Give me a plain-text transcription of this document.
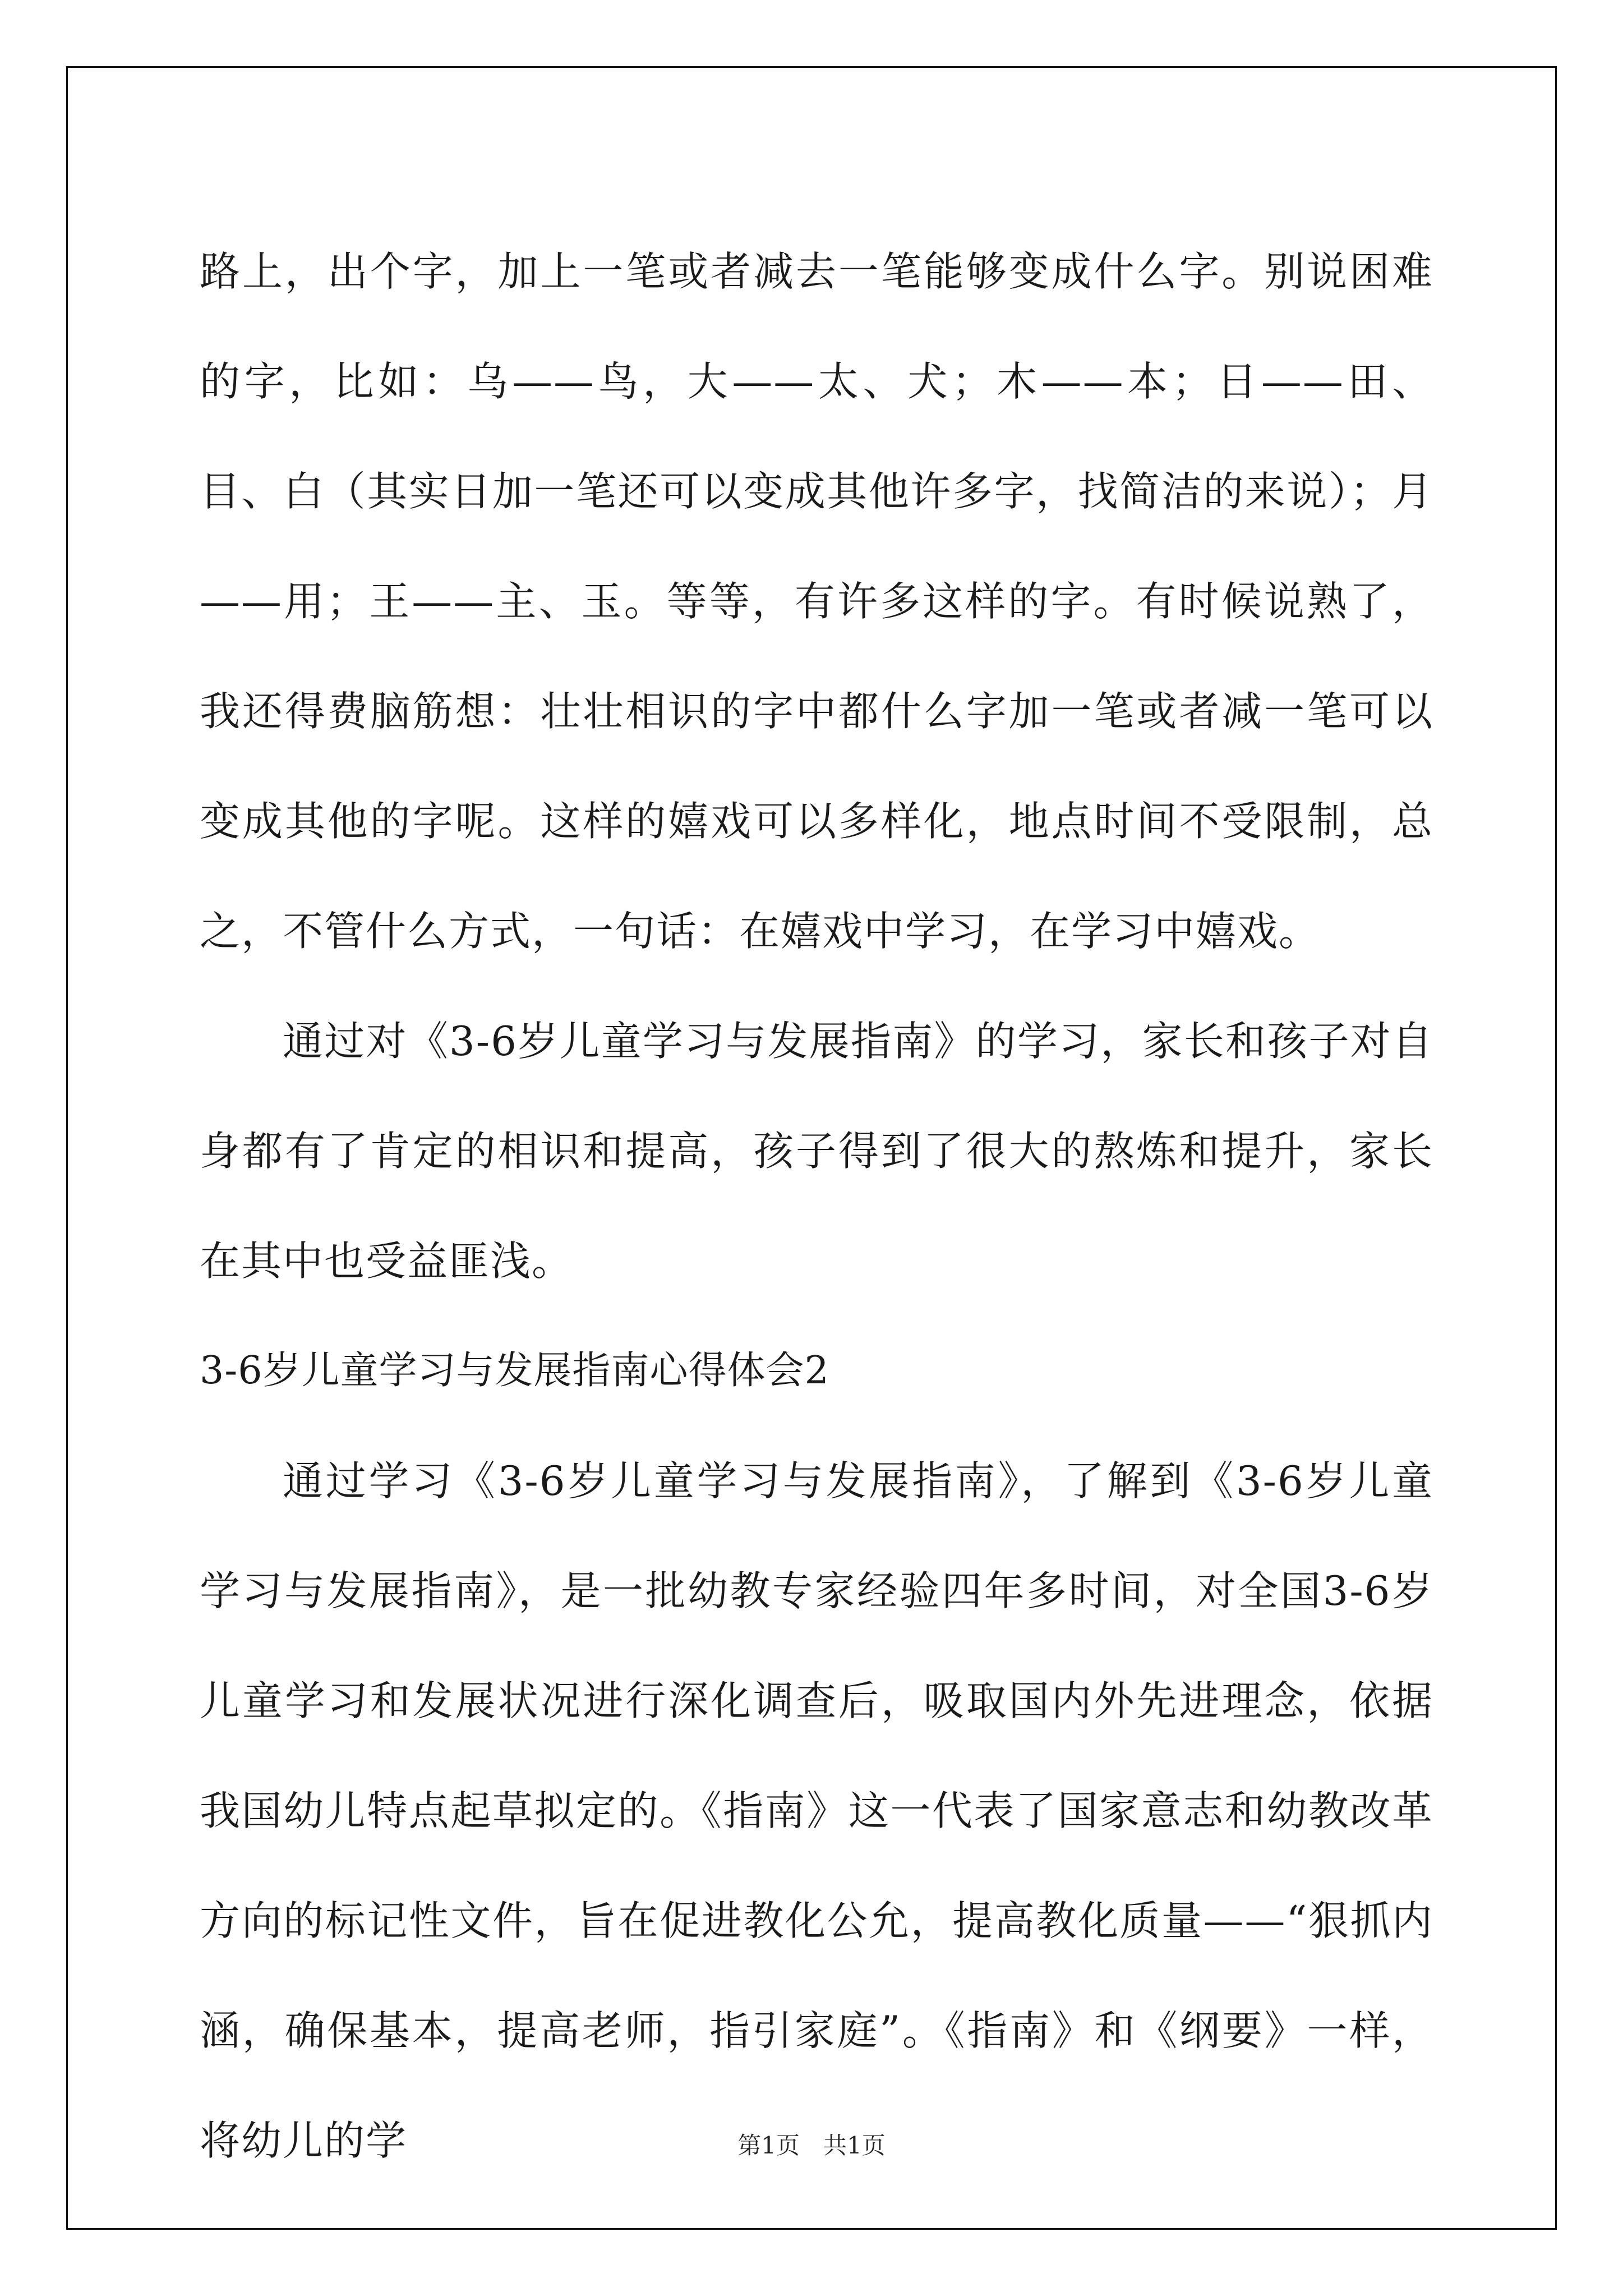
路上，出个字，加上一笔或者减去一笔能够变成什么字。别说困难的字，比如：乌——鸟，大——太、犬；木——本；日——田、目、白（其实日加一笔还可以变成其他许多字，找简洁的来说）；月——用；王——主、玉。等等，有许多这样的字。有时候说熟了，我还得费脑筋想：壮壮相识的字中都什么字加一笔或者减一笔可以变成其他的字呢。这样的嬉戏可以多样化，地点时间不受限制，总之，不管什么方式，一句话：在嬉戏中学习，在学习中嬉戏。

通过对《3-6岁儿童学习与发展指南》的学习，家长和孩子对自身都有了肯定的相识和提高，孩子得到了很大的熬炼和提升，家长在其中也受益匪浅。

3-6岁儿童学习与发展指南心得体会2

通过学习《3-6岁儿童学习与发展指南》，了解到《3-6岁儿童学习与发展指南》，是一批幼教专家经验四年多时间，对全国3-6岁儿童学习和发展状况进行深化调查后，吸取国内外先进理念，依据我国幼儿特点起草拟定的。《指南》这一代表了国家意志和幼教改革方向的标记性文件，旨在促进教化公允，提高教化质量——“狠抓内涵，确保基本，提高老师，指引家庭”。《指南》和《纲要》一样，将幼儿的学	第1页　共1页
